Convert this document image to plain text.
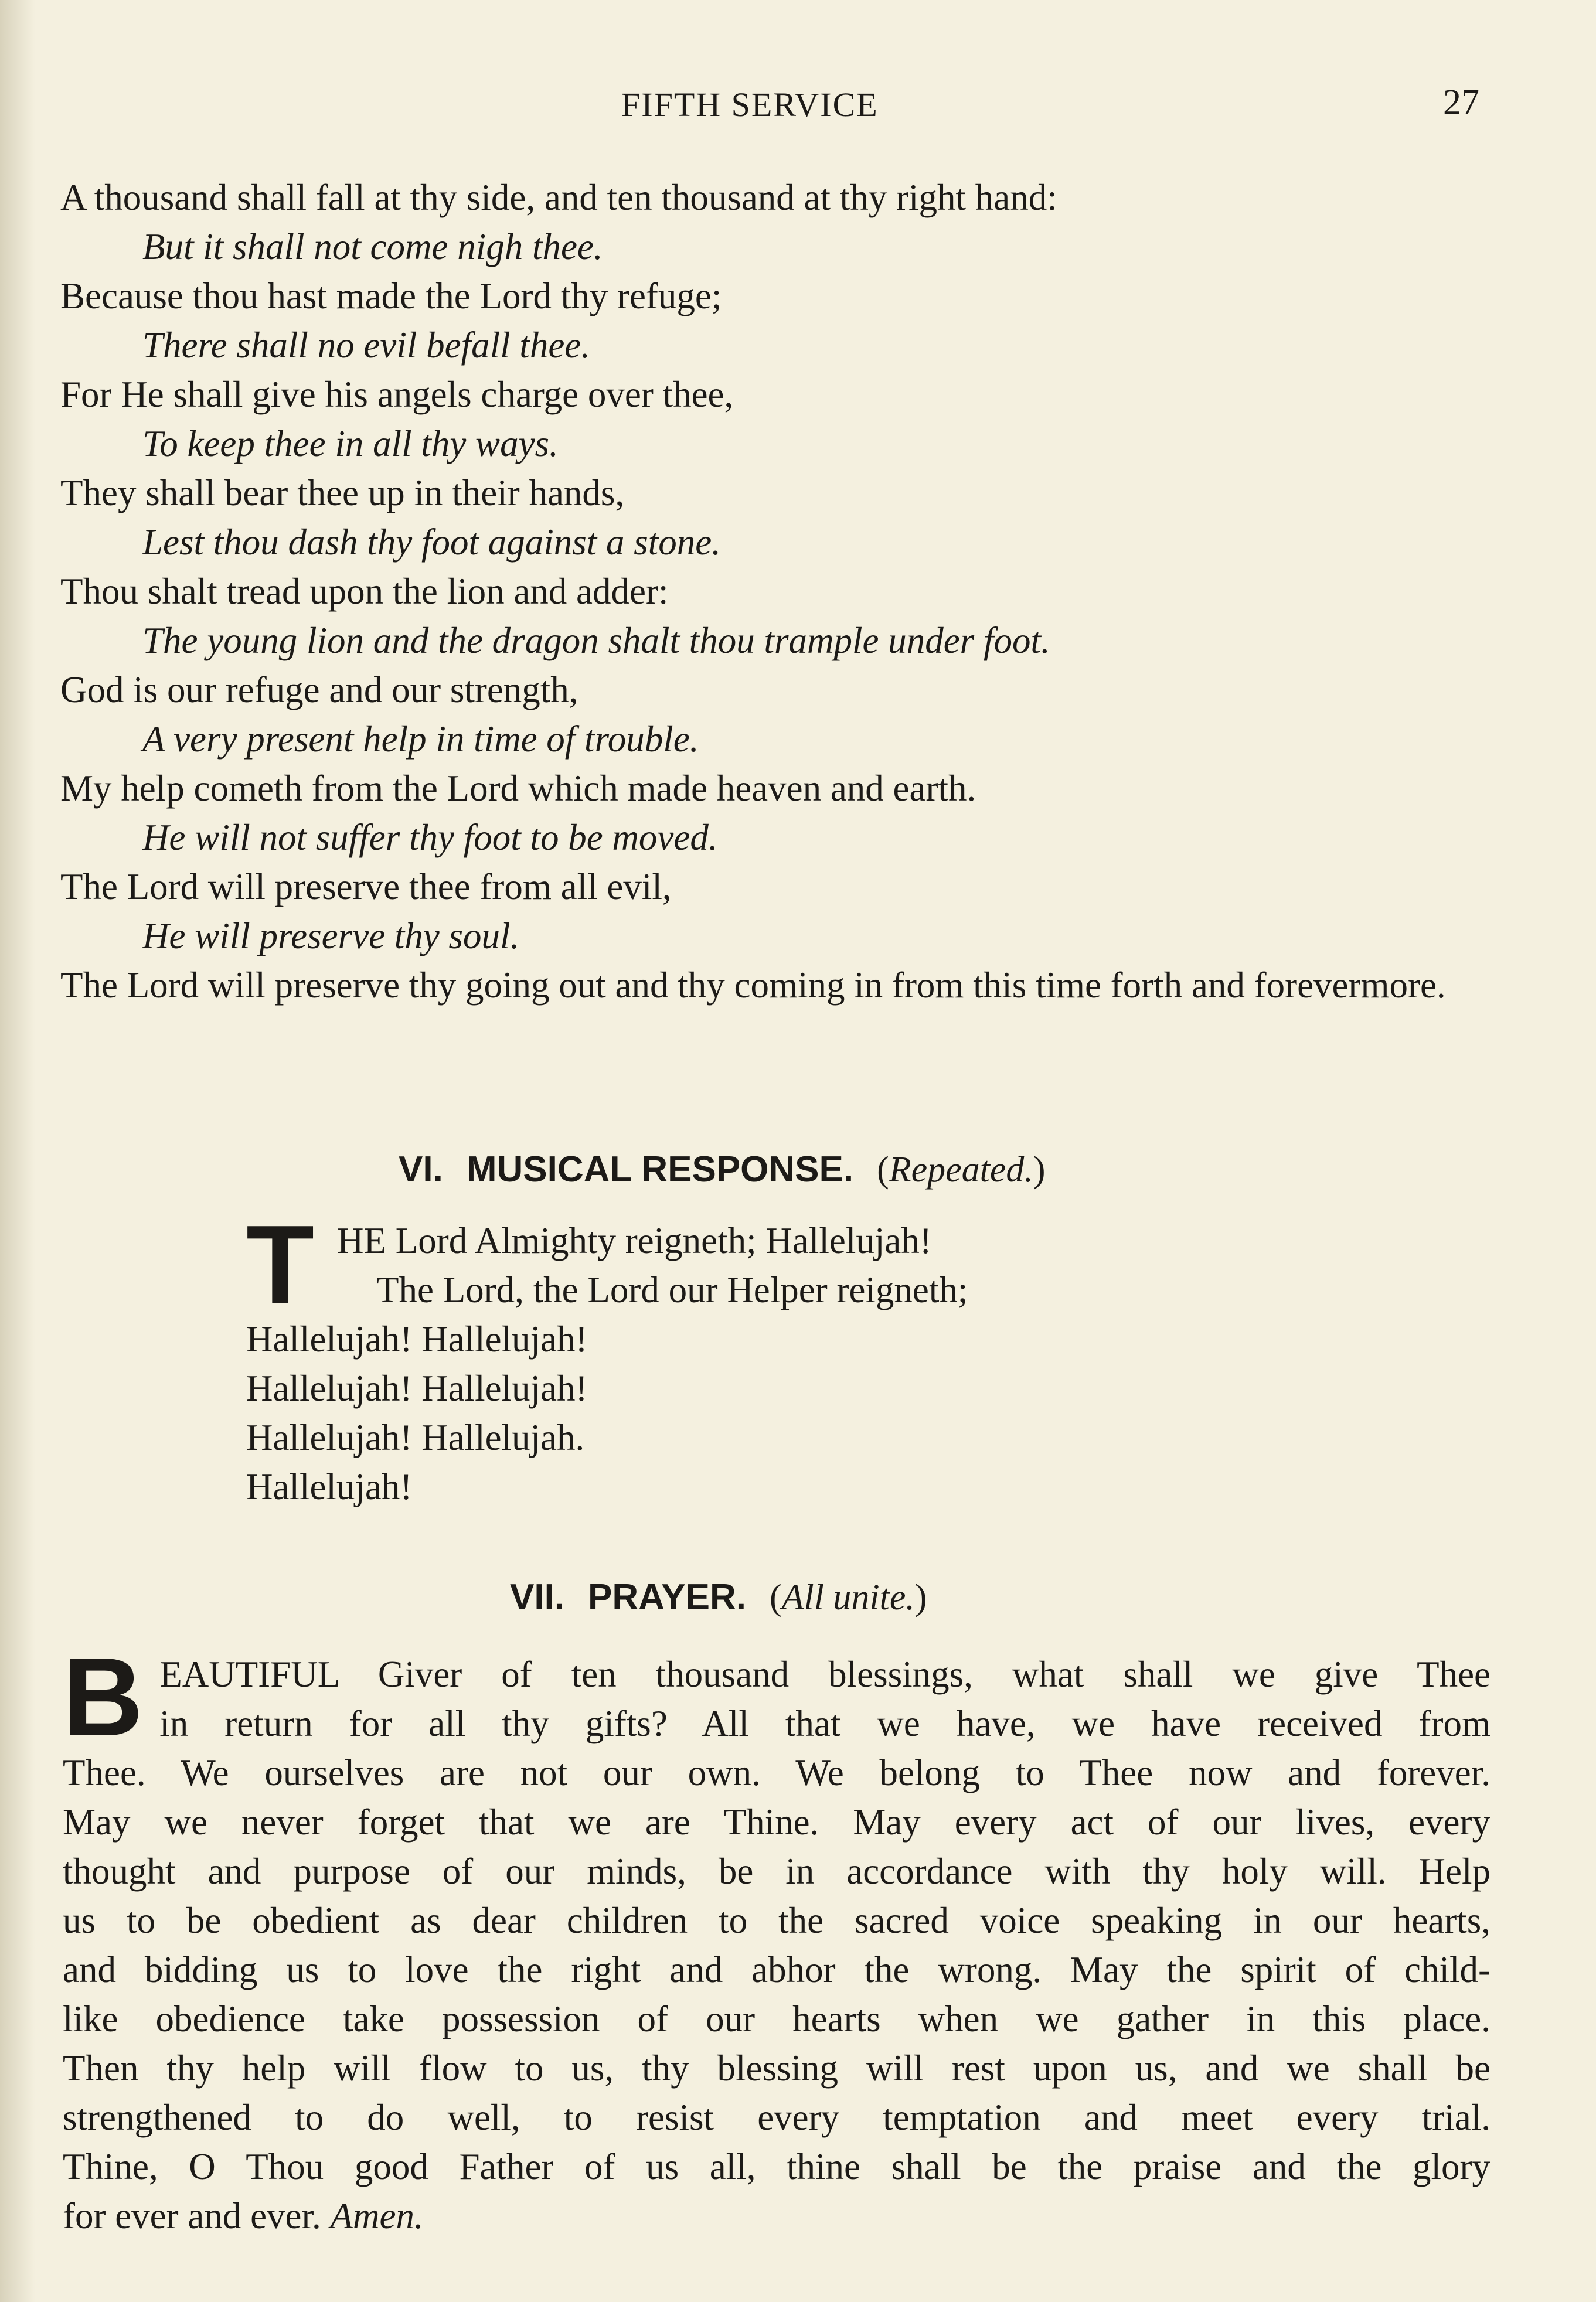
FIFTH SERVICE	27
A thousand shall fall at thy side, and ten thousand at thy right hand:
But it shall not come nigh thee.
Because thou hast made the Lord thy refuge;
There shall no evil befall thee.
For He shall give his angels charge over thee,
To keep thee in all thy ways.
They shall bear thee up in their hands,
Lest thou dash thy foot against a stone.
Thou shalt tread upon the lion and adder:
The young lion and the dragon shalt thou trample under foot.
God is our refuge and our strength,
A very present help in time of trouble.
My help cometh from the Lord which made heaven and earth.
He will not suffer thy foot to be moved.
The Lord will preserve thee from all evil,
He will preserve thy soul.
The Lord will preserve thy going out and thy coming in from this time forth and forevermore.
VI. MUSICAL RESPONSE. (Repeated.)
T HE Lord Almighty reigneth; Hallelujah!
The Lord, the Lord our Helper reigneth;
Hallelujah! Hallelujah!
Hallelujah! Hallelujah!
Hallelujah! Hallelujah.
Hallelujah!
VII. PRAYER. (All unite.)
B EAUTIFUL Giver of ten thousand blessings, what shall we give Thee
in return for all thy gifts? All that we have, we have received from
Thee. We ourselves are not our own. We belong to Thee now and forever.
May we never forget that we are Thine. May every act of our lives, every
thought and purpose of our minds, be in accordance with thy holy will. Help
us to be obedient as dear children to the sacred voice speaking in our hearts,
and bidding us to love the right and abhor the wrong. May the spirit of child-
like obedience take possession of our hearts when we gather in this place.
Then thy help will flow to us, thy blessing will rest upon us, and we shall be
strengthened to do well, to resist every temptation and meet every trial.
Thine, O Thou good Father of us all, thine shall be the praise and the glory
for ever and ever. Amen.
